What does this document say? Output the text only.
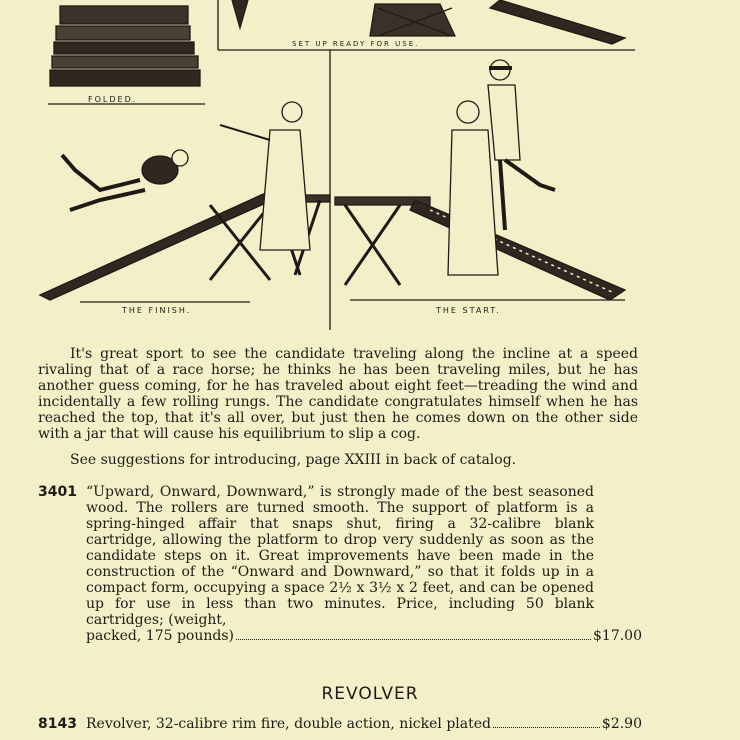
SET UP READY FOR USE.
FOLDED.
THE FINISH.	THE START.

It's great sport to see the candidate traveling along the incline at a speed rivaling that of a race horse; he thinks he has been traveling miles, but he has another guess coming, for he has traveled about eight feet—treading the wind and incidentally a few rolling rungs. The candidate congratulates himself when he has reached the top, that it's all over, but just then he comes down on the other side with a jar that will cause his equilibrium to slip a cog.

See suggestions for introducing, page XXIII in back of catalog.

3401 “Upward, Onward, Downward,” is strongly made of the best seasoned wood. The rollers are turned smooth. The support of platform is a spring-hinged affair that snaps shut, firing a 32-calibre blank cartridge, allowing the platform to drop very suddenly as soon as the candidate steps on it. Great improvements have been made in the construction of the “Onward and Downward,” so that it folds up in a compact form, occupying a space 2½ x 3½ x 2 feet, and can be opened up for use in less than two minutes. Price, including 50 blank cartridges; (weight,
packed, 175 pounds)	$17.00
REVOLVER
8143 Revolver, 32-calibre rim fire, double action, nickel plated	$2.90
